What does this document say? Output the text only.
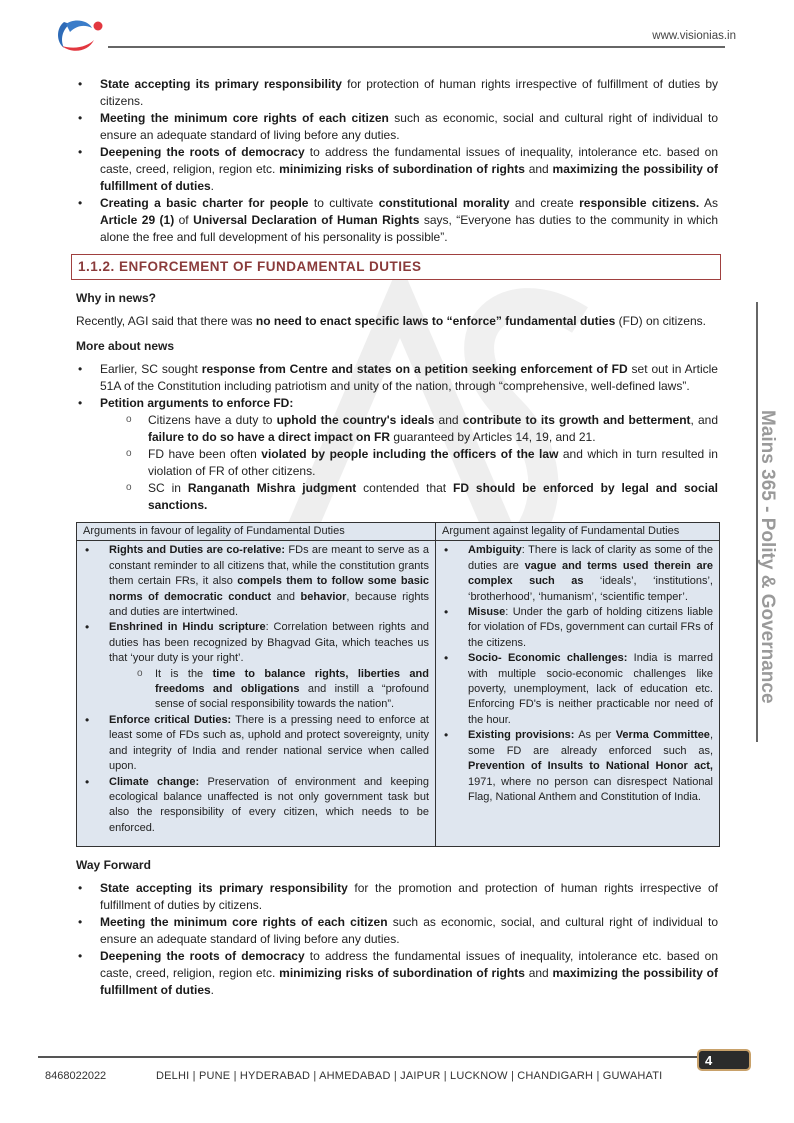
www.visionias.in
Mains 365 - Polity & Governance
• State accepting its primary responsibility for protection of human rights irrespective of fulfillment of duties by citizens.
• Meeting the minimum core rights of each citizen such as economic, social and cultural right of individual to ensure an adequate standard of living before any duties.
• Deepening the roots of democracy to address the fundamental issues of inequality, intolerance etc. based on caste, creed, religion, region etc. minimizing risks of subordination of rights and maximizing the possibility of fulfillment of duties.
• Creating a basic charter for people to cultivate constitutional morality and create responsible citizens. As Article 29 (1) of Universal Declaration of Human Rights says, “Everyone has duties to the community in which alone the free and full development of his personality is possible”.
1.1.2. ENFORCEMENT OF FUNDAMENTAL DUTIES
Why in news?

Recently, AGI said that there was no need to enact specific laws to “enforce” fundamental duties (FD) on citizens.

More about news
• Earlier, SC sought response from Centre and states on a petition seeking enforcement of FD set out in Article 51A of the Constitution including patriotism and unity of the nation, through “comprehensive, well-defined laws”.
• Petition arguments to enforce FD:
o Citizens have a duty to uphold the country's ideals and contribute to its growth and betterment, and failure to do so have a direct impact on FR guaranteed by Articles 14, 19, and 21.
o FD have been often violated by people including the officers of the law and which in turn resulted in violation of FR of other citizens.
o SC in Ranganath Mishra judgment contended that FD should be enforced by legal and social sanctions.
Arguments in favour of legality of Fundamental Duties	Argument against legality of Fundamental Duties

• Rights and Duties are co-relative: FDs are meant to serve as a constant reminder to all citizens that, while the constitution grants them certain FRs, it also compels them to follow some basic norms of democratic conduct and behavior, because rights and duties are intertwined.
• Enshrined in Hindu scripture: Correlation between rights and duties has been recognized by Bhagvad Gita, which teaches us that ‘your duty is your right’.
o It is the time to balance rights, liberties and freedoms and obligations and instill a “profound sense of social responsibility towards the nation”.
• Enforce critical Duties: There is a pressing need to enforce at least some of FDs such as, uphold and protect sovereignty, unity and integrity of India and render national service when called upon.
• Climate change: Preservation of environment and keeping ecological balance unaffected is not only government task but also the responsibility of every citizen, which needs to be enforced.

• Ambiguity: There is lack of clarity as some of the duties are vague and terms used therein are complex such as ‘ideals’, ‘institutions’, ‘brotherhood’, ‘humanism’, ‘scientific temper’.
• Misuse: Under the garb of holding citizens liable for violation of FDs, government can curtail FRs of the citizens.
• Socio- Economic challenges: India is marred with multiple socio-economic challenges like poverty, unemployment, lack of education etc. Enforcing FD's is neither practicable nor need of the hour.
• Existing provisions: As per Verma Committee, some FD are already enforced such as, Prevention of Insults to National Honor act, 1971, where no person can disrespect National Flag, National Anthem and Constitution of India.
Way Forward
• State accepting its primary responsibility for the promotion and protection of human rights irrespective of fulfillment of duties by citizens.
• Meeting the minimum core rights of each citizen such as economic, social, and cultural right of individual to ensure an adequate standard of living before any duties.
• Deepening the roots of democracy to address the fundamental issues of inequality, intolerance etc. based on caste, creed, religion, region etc. minimizing risks of subordination of rights and maximizing the possibility of fulfillment of duties.
4
8468022022	DELHI | PUNE | HYDERABAD | AHMEDABAD | JAIPUR | LUCKNOW | CHANDIGARH | GUWAHATI
